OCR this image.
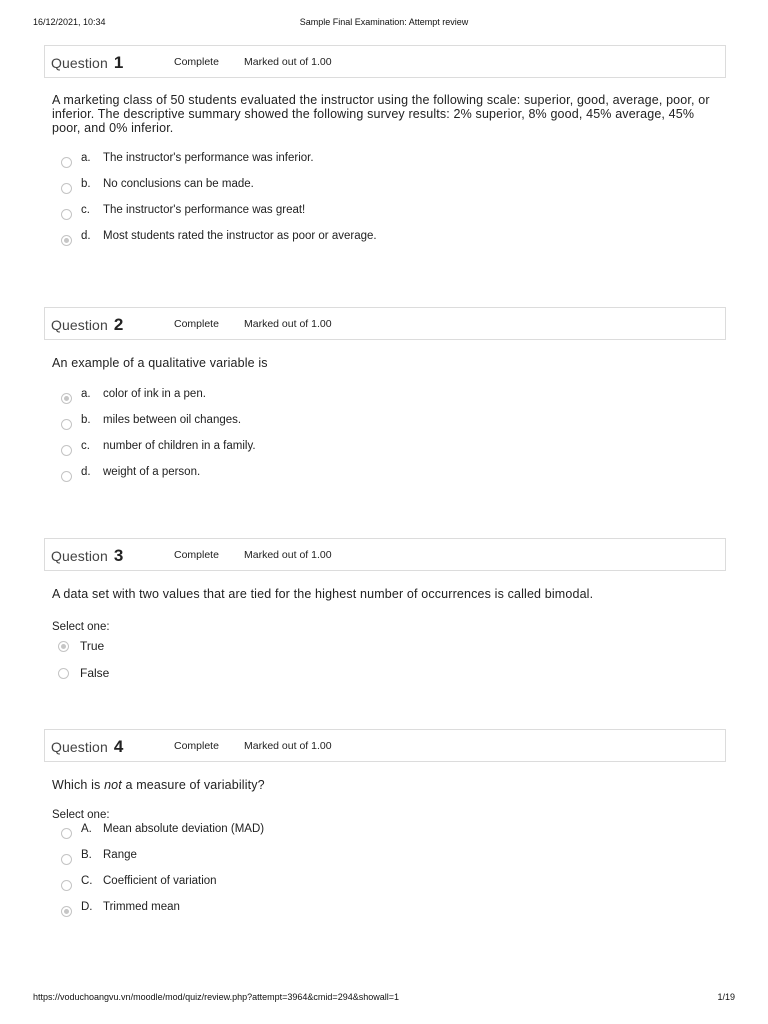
16/12/2021, 10:34	Sample Final Examination: Attempt review
Question 1	Complete Marked out of 1.00
A marketing class of 50 students evaluated the instructor using the following scale: superior, good, average, poor, or inferior. The descriptive summary showed the following survey results: 2% superior, 8% good, 45% average, 45% poor, and 0% inferior.
a. The instructor's performance was inferior.
b. No conclusions can be made.
c. The instructor's performance was great!
d. Most students rated the instructor as poor or average.
Question 2	Complete Marked out of 1.00
An example of a qualitative variable is
a. color of ink in a pen.
b. miles between oil changes.
c. number of children in a family.
d. weight of a person.
Question 3	Complete Marked out of 1.00
A data set with two values that are tied for the highest number of occurrences is called bimodal.
Select one:
True
False
Question 4	Complete Marked out of 1.00
Which is not a measure of variability?
Select one:
A. Mean absolute deviation (MAD)
B. Range
C. Coefficient of variation
D. Trimmed mean
https://voduchoangvu.vn/moodle/mod/quiz/review.php?attempt=3964&cmid=294&showall=1	1/19
